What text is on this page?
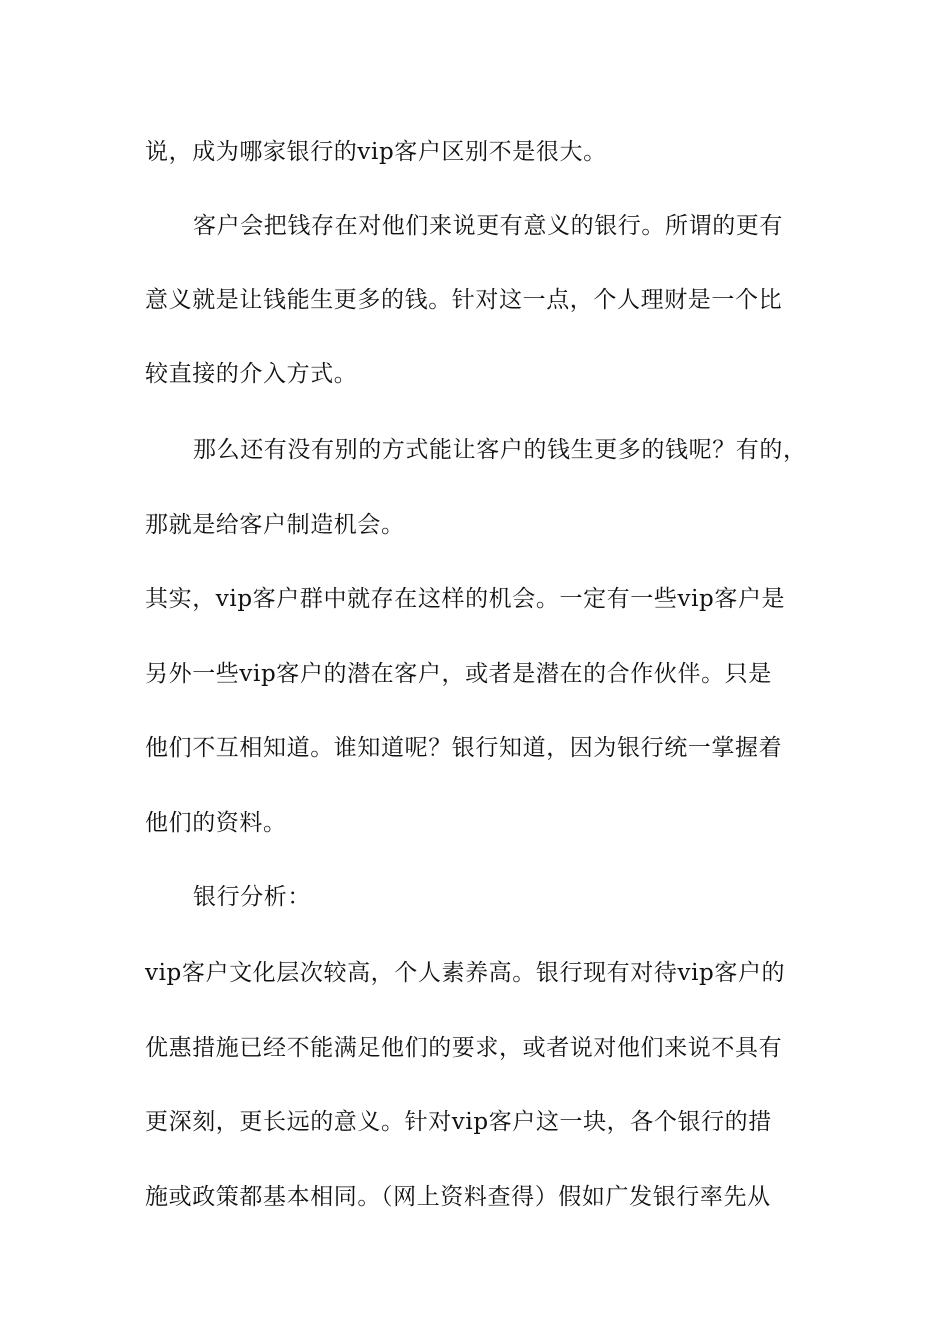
说，成为哪家银行的vip客户区别不是很大。
客户会把钱存在对他们来说更有意义的银行。所谓的更有
意义就是让钱能生更多的钱。针对这一点，个人理财是一个比
较直接的介入方式。
那么还有没有别的方式能让客户的钱生更多的钱呢？有的，
那就是给客户制造机会。
其实，vip客户群中就存在这样的机会。一定有一些vip客户是
另外一些vip客户的潜在客户，或者是潜在的合作伙伴。只是
他们不互相知道。谁知道呢？银行知道，因为银行统一掌握着
他们的资料。
银行分析：
vip客户文化层次较高，个人素养高。银行现有对待vip客户的
优惠措施已经不能满足他们的要求，或者说对他们来说不具有
更深刻，更长远的意义。针对vip客户这一块，各个银行的措
施或政策都基本相同。（网上资料查得）假如广发银行率先从
